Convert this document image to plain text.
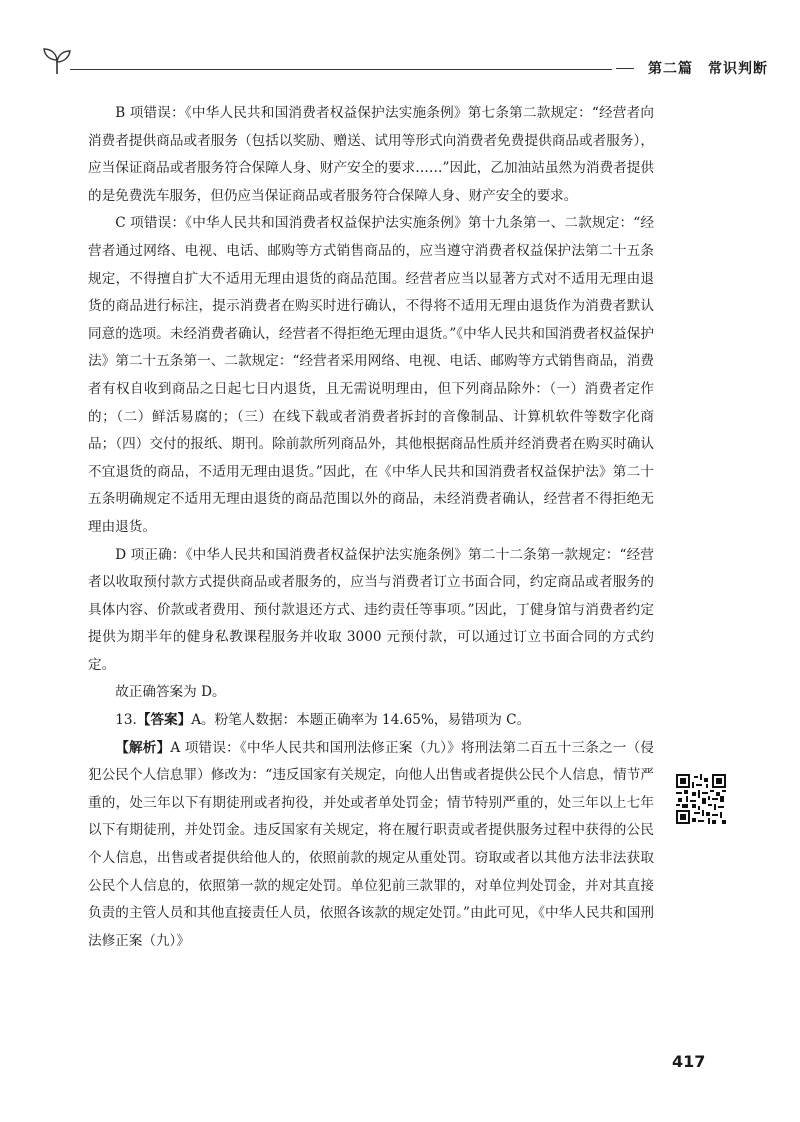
第二篇　常识判断

B 项错误：《中华人民共和国消费者权益保护法实施条例》第七条第二款规定：“经营者向消费者提供商品或者服务（包括以奖励、赠送、试用等形式向消费者免费提供商品或者服务），应当保证商品或者服务符合保障人身、财产安全的要求……”因此，乙加油站虽然为消费者提供的是免费洗车服务，但仍应当保证商品或者服务符合保障人身、财产安全的要求。

C 项错误：《中华人民共和国消费者权益保护法实施条例》第十九条第一、二款规定：“经营者通过网络、电视、电话、邮购等方式销售商品的，应当遵守消费者权益保护法第二十五条规定，不得擅自扩大不适用无理由退货的商品范围。经营者应当以显著方式对不适用无理由退货的商品进行标注，提示消费者在购买时进行确认，不得将不适用无理由退货作为消费者默认同意的选项。未经消费者确认，经营者不得拒绝无理由退货。”《中华人民共和国消费者权益保护法》第二十五条第一、二款规定：“经营者采用网络、电视、电话、邮购等方式销售商品，消费者有权自收到商品之日起七日内退货，且无需说明理由，但下列商品除外：（一）消费者定作的；（二）鲜活易腐的；（三）在线下载或者消费者拆封的音像制品、计算机软件等数字化商品；（四）交付的报纸、期刊。除前款所列商品外，其他根据商品性质并经消费者在购买时确认不宜退货的商品，不适用无理由退货。”因此，在《中华人民共和国消费者权益保护法》第二十五条明确规定不适用无理由退货的商品范围以外的商品，未经消费者确认，经营者不得拒绝无理由退货。

D 项正确：《中华人民共和国消费者权益保护法实施条例》第二十二条第一款规定：“经营者以收取预付款方式提供商品或者服务的，应当与消费者订立书面合同，约定商品或者服务的具体内容、价款或者费用、预付款退还方式、违约责任等事项。”因此，丁健身馆与消费者约定提供为期半年的健身私教课程服务并收取 3000 元预付款，可以通过订立书面合同的方式约定。

故正确答案为 D。

13.【答案】A。粉笔人数据：本题正确率为 14.65%，易错项为 C。

【解析】A 项错误：《中华人民共和国刑法修正案（九）》将刑法第二百五十三条之一（侵犯公民个人信息罪）修改为：“违反国家有关规定，向他人出售或者提供公民个人信息，情节严重的，处三年以下有期徒刑或者拘役，并处或者单处罚金；情节特别严重的，处三年以上七年以下有期徒刑，并处罚金。违反国家有关规定，将在履行职责或者提供服务过程中获得的公民个人信息，出售或者提供给他人的，依照前款的规定从重处罚。窃取或者以其他方法非法获取公民个人信息的，依照第一款的规定处罚。单位犯前三款罪的，对单位判处罚金，并对其直接负责的主管人员和其他直接责任人员，依照各该款的规定处罚。”由此可见，《中华人民共和国刑法修正案（九）》

417
